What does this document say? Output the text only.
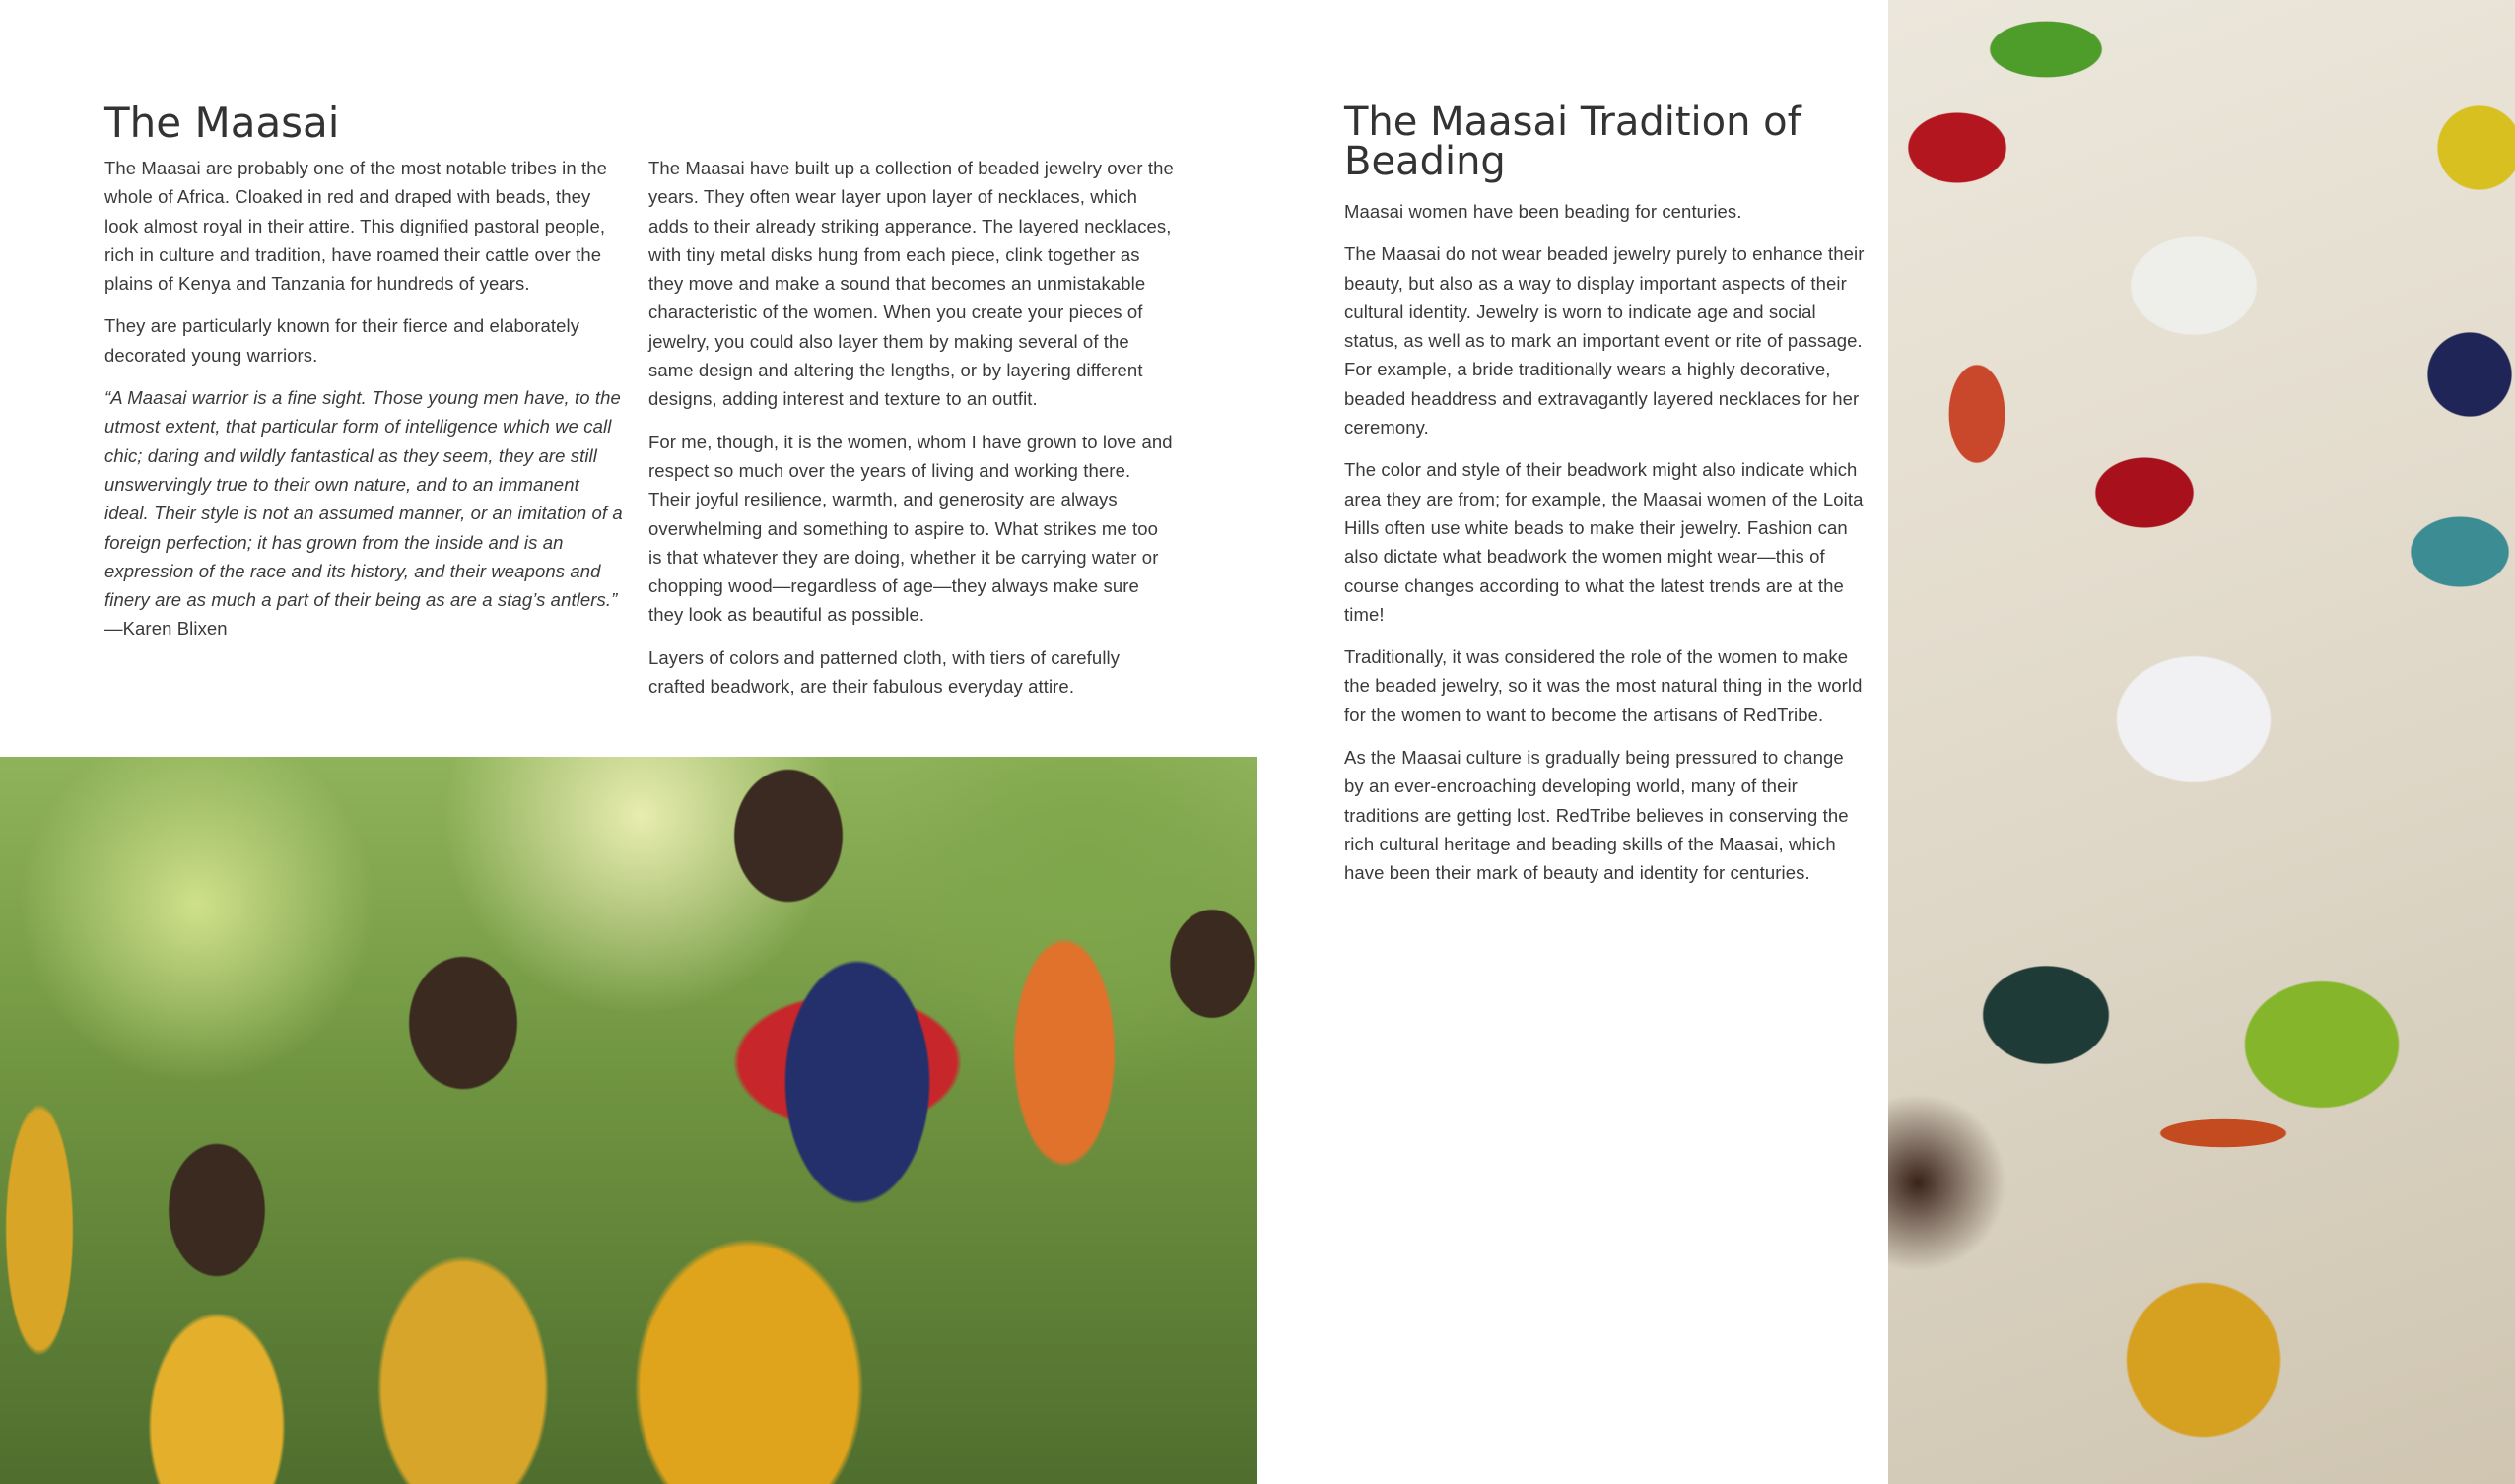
The Maasai

The Maasai are probably one of the most notable tribes in the whole of Africa. Cloaked in red and draped with beads, they look almost royal in their attire. This dignified pastoral people, rich in culture and tradition, have roamed their cattle over the plains of Kenya and Tanzania for hundreds of years.

They are particularly known for their fierce and elaborately decorated young warriors.

“A Maasai warrior is a fine sight. Those young men have, to the utmost extent, that particular form of intelligence which we call chic; daring and wildly fantastical as they seem, they are still unswervingly true to their own nature, and to an immanent ideal. Their style is not an assumed manner, or an imitation of a foreign perfection; it has grown from the inside and is an expression of the race and its history, and their weapons and finery are as much a part of their being as are a stag’s antlers.” —Karen Blixen

The Maasai have built up a collection of beaded jewelry over the years. They often wear layer upon layer of necklaces, which adds to their already striking apperance. The layered necklaces, with tiny metal disks hung from each piece, clink together as they move and make a sound that becomes an unmistakable characteristic of the women. When you create your pieces of jewelry, you could also layer them by making several of the same design and altering the lengths, or by layering different designs, adding interest and texture to an outfit.

For me, though, it is the women, whom I have grown to love and respect so much over the years of living and working there. Their joyful resilience, warmth, and generosity are always overwhelming and something to aspire to. What strikes me too is that whatever they are doing, whether it be carrying water or chopping wood—regardless of age—they always make sure they look as beautiful as possible.

Layers of colors and patterned cloth, with tiers of carefully crafted beadwork, are their fabulous everyday attire.

The Maasai Tradition of Beading

Maasai women have been beading for centuries.

The Maasai do not wear beaded jewelry purely to enhance their beauty, but also as a way to display important aspects of their cultural identity. Jewelry is worn to indicate age and social status, as well as to mark an important event or rite of passage. For example, a bride traditionally wears a highly decorative, beaded headdress and extravagantly layered necklaces for her ceremony.

The color and style of their beadwork might also indicate which area they are from; for example, the Maasai women of the Loita Hills often use white beads to make their jewelry. Fashion can also dictate what beadwork the women might wear—this of course changes according to what the latest trends are at the time!

Traditionally, it was considered the role of the women to make the beaded jewelry, so it was the most natural thing in the world for the women to want to become the artisans of RedTribe.

As the Maasai culture is gradually being pressured to change by an ever-encroaching developing world, many of their traditions are getting lost. RedTribe believes in conserving the rich cultural heritage and beading skills of the Maasai, which have been their mark of beauty and identity for centuries.
